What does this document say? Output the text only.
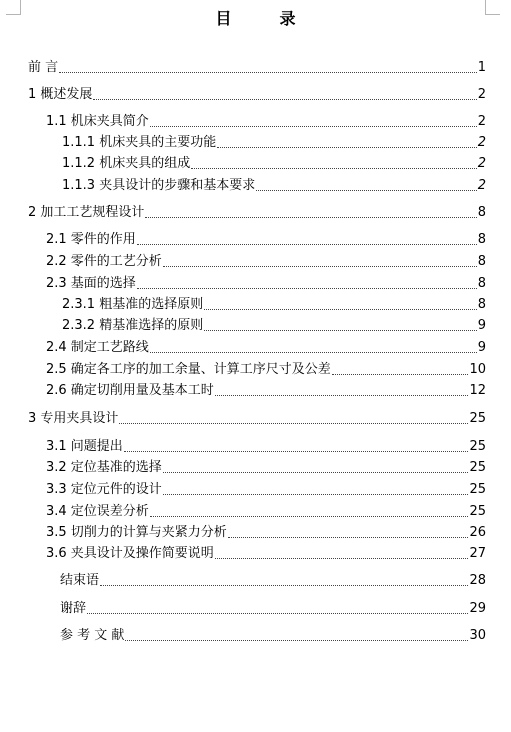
目　录
前 言	1
1 概述发展	2
1.1 机床夹具简介	2
1.1.1 机床夹具的主要功能	2
1.1.2 机床夹具的组成	2
1.1.3 夹具设计的步骤和基本要求	2
2 加工工艺规程设计	8
2.1 零件的作用	8
2.2 零件的工艺分析	8
2.3 基面的选择	8
2.3.1 粗基准的选择原则	8
2.3.2 精基准选择的原则	9
2.4 制定工艺路线	9
2.5 确定各工序的加工余量、计算工序尺寸及公差	10
2.6 确定切削用量及基本工时	12
3 专用夹具设计	25
3.1 问题提出	25
3.2 定位基准的选择	25
3.3 定位元件的设计	25
3.4 定位误差分析	25
3.5 切削力的计算与夹紧力分析	26
3.6 夹具设计及操作简要说明	27
结束语	28
谢辞	29
参 考 文 献	30
